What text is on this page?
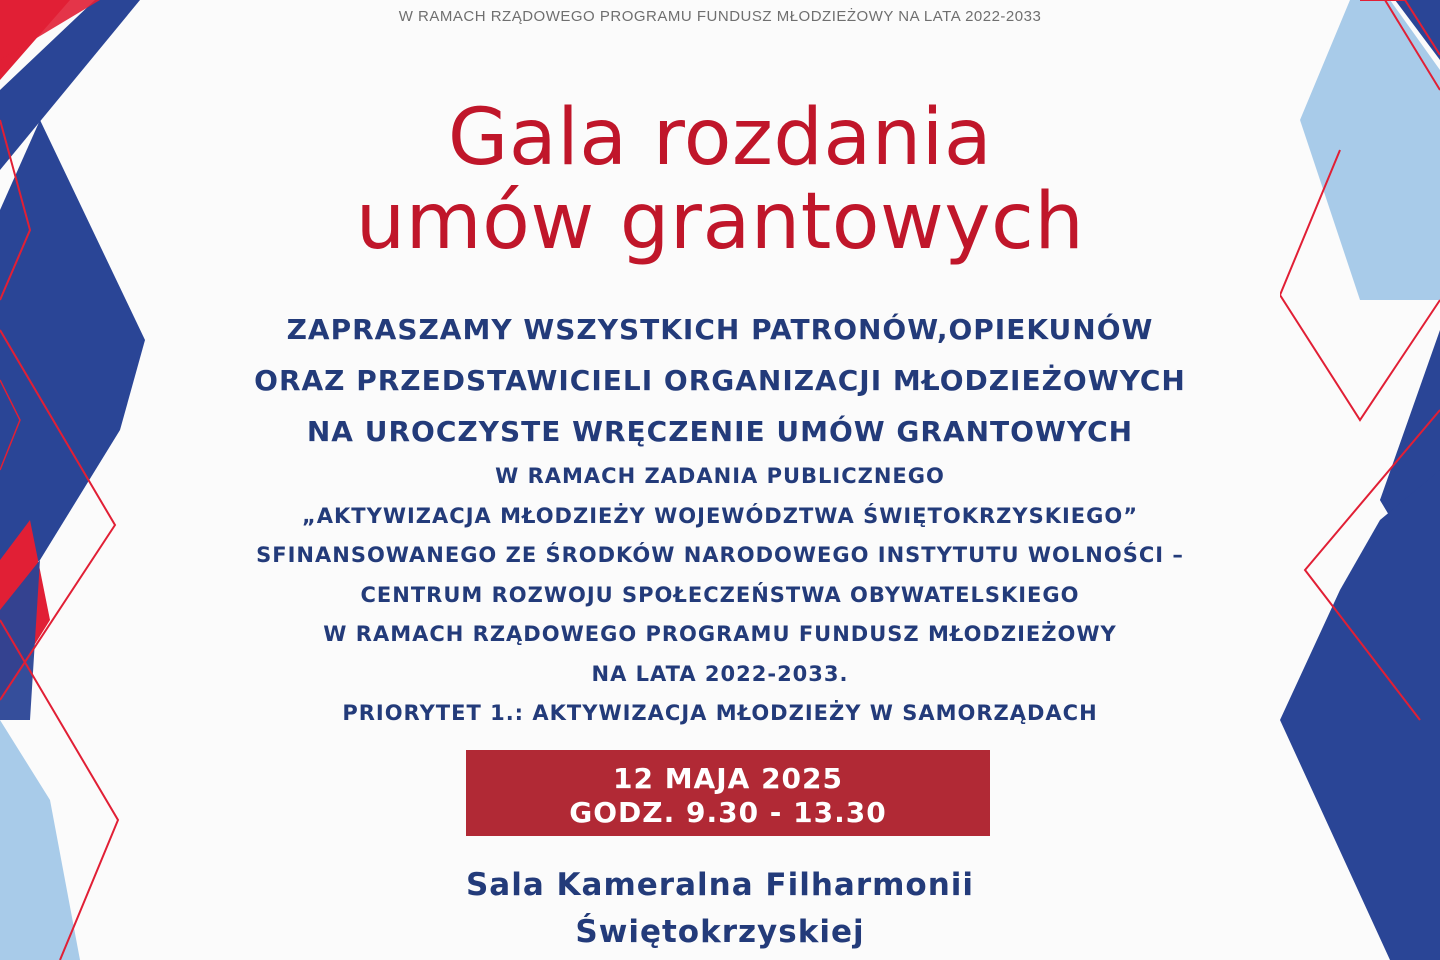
W RAMACH RZĄDOWEGO PROGRAMU FUNDUSZ MŁODZIEŻOWY NA LATA 2022-2033
Gala rozdania
umów grantowych
ZAPRASZAMY WSZYSTKICH PATRONÓW,OPIEKUNÓW
ORAZ PRZEDSTAWICIELI ORGANIZACJI MŁODZIEŻOWYCH
NA UROCZYSTE WRĘCZENIE UMÓW GRANTOWYCH
W RAMACH ZADANIA PUBLICZNEGO
„AKTYWIZACJA MŁODZIEŻY WOJEWÓDZTWA ŚWIĘTOKRZYSKIEGO”
SFINANSOWANEGO ZE ŚRODKÓW NARODOWEGO INSTYTUTU WOLNOŚCI –
CENTRUM ROZWOJU SPOŁECZEŃSTWA OBYWATELSKIEGO
W RAMACH RZĄDOWEGO PROGRAMU FUNDUSZ MŁODZIEŻOWY
NA LATA 2022-2033.
PRIORYTET 1.: AKTYWIZACJA MŁODZIEŻY W SAMORZĄDACH
12 MAJA 2025
GODZ. 9.30 - 13.30
Sala Kameralna Filharmonii
Świętokrzyskiej
